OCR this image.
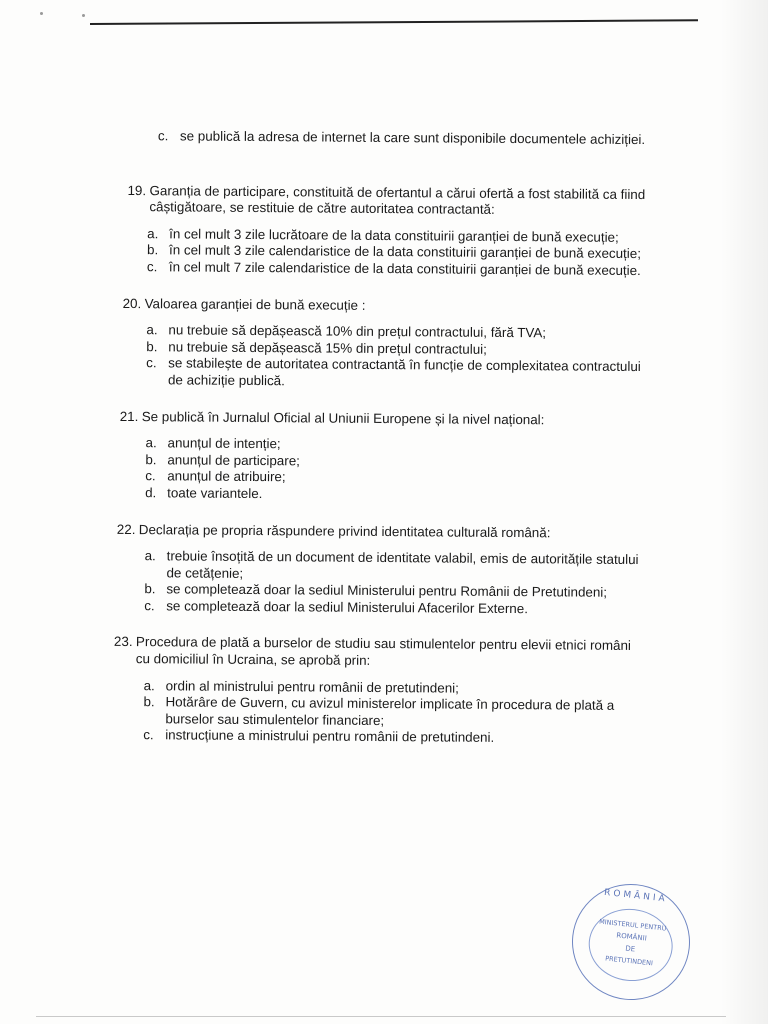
c. se publică la adresa de internet la care sunt disponibile documentele achiziției.
19. Garanția de participare, constituită de ofertantul a cărui ofertă a fost stabilită ca fiind câștigătoare, se restituie de către autoritatea contractantă:
a. în cel mult 3 zile lucrătoare de la data constituirii garanției de bună execuție;
b. în cel mult 3 zile calendaristice de la data constituirii garanției de bună execuție;
c. în cel mult 7 zile calendaristice de la data constituirii garanției de bună execuție.
20. Valoarea garanției de bună execuție :
a. nu trebuie să depășească 10% din prețul contractului, fără TVA;
b. nu trebuie să depășească 15% din prețul contractului;
c. se stabilește de autoritatea contractantă în funcție de complexitatea contractului de achiziție publică.
21. Se publică în Jurnalul Oficial al Uniunii Europene și la nivel național:
a. anunțul de intenție;
b. anunțul de participare;
c. anunțul de atribuire;
d. toate variantele.
22. Declarația pe propria răspundere privind identitatea culturală română:
a. trebuie însoțită de un document de identitate valabil, emis de autoritățile statului de cetățenie;
b. se completează doar la sediul Ministerului pentru Românii de Pretutindeni;
c. se completează doar la sediul Ministerului Afacerilor Externe.
23. Procedura de plată a burselor de studiu sau stimulentelor pentru elevii etnici români cu domiciliul în Ucraina, se aprobă prin:
a. ordin al ministrului pentru românii de pretutindeni;
b. Hotărâre de Guvern, cu avizul ministerelor implicate în procedura de plată a burselor sau stimulentelor financiare;
c. instrucțiune a ministrului pentru românii de pretutindeni.
ROMÂNIA
MINISTERUL PENTRU
ROMÂNII
DE
PRETUTINDENI
